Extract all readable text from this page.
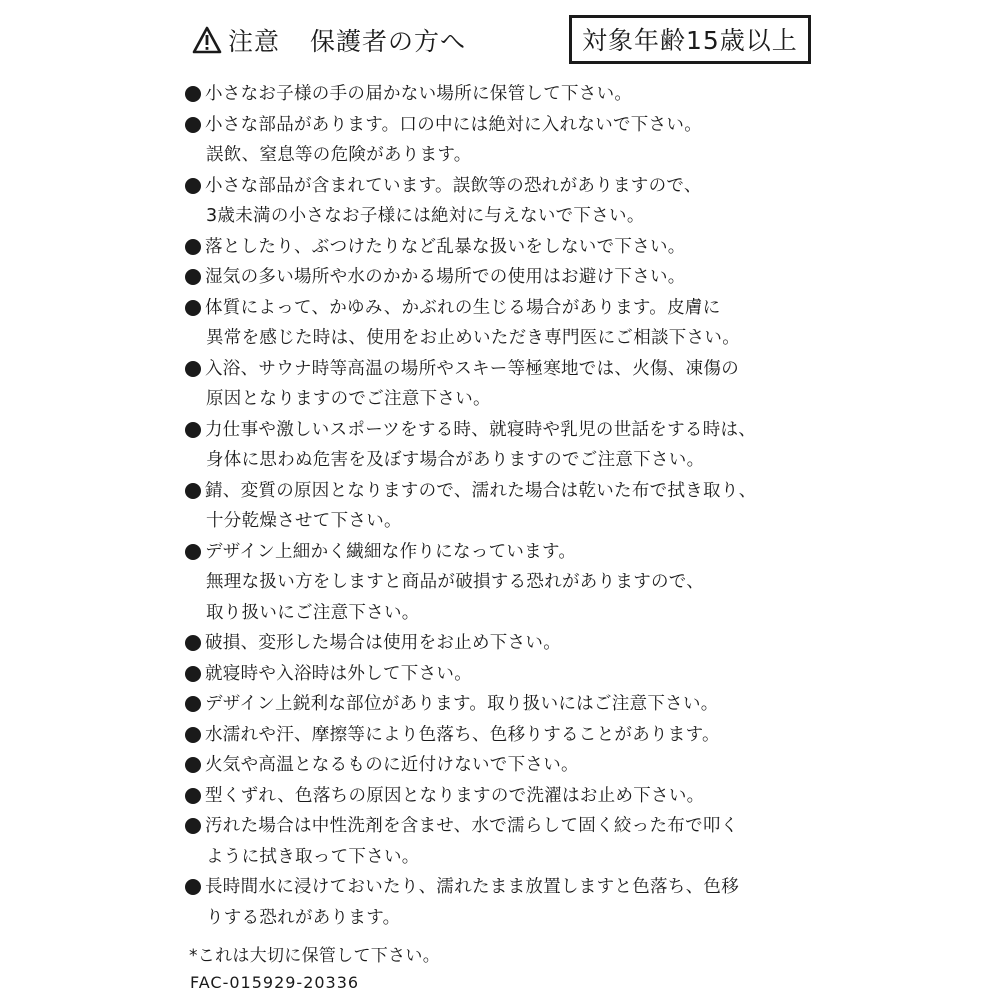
注意 保護者の方へ	対象年齢15歳以上
小さなお子様の手の届かない場所に保管して下さい。
小さな部品があります。口の中には絶対に入れないで下さい。
誤飲、窒息等の危険があります。
小さな部品が含まれています。誤飲等の恐れがありますので、
3歳未満の小さなお子様には絶対に与えないで下さい。
落としたり、ぶつけたりなど乱暴な扱いをしないで下さい。
湿気の多い場所や水のかかる場所での使用はお避け下さい。
体質によって、かゆみ、かぶれの生じる場合があります。皮膚に
異常を感じた時は、使用をお止めいただき専門医にご相談下さい。
入浴、サウナ時等高温の場所やスキー等極寒地では、火傷、凍傷の
原因となりますのでご注意下さい。
力仕事や激しいスポーツをする時、就寝時や乳児の世話をする時は、
身体に思わぬ危害を及ぼす場合がありますのでご注意下さい。
錆、変質の原因となりますので、濡れた場合は乾いた布で拭き取り、
十分乾燥させて下さい。
デザイン上細かく繊細な作りになっています。
無理な扱い方をしますと商品が破損する恐れがありますので、
取り扱いにご注意下さい。
破損、変形した場合は使用をお止め下さい。
就寝時や入浴時は外して下さい。
デザイン上鋭利な部位があります。取り扱いにはご注意下さい。
水濡れや汗、摩擦等により色落ち、色移りすることがあります。
火気や高温となるものに近付けないで下さい。
型くずれ、色落ちの原因となりますので洗濯はお止め下さい。
汚れた場合は中性洗剤を含ませ、水で濡らして固く絞った布で叩く
ように拭き取って下さい。
長時間水に浸けておいたり、濡れたまま放置しますと色落ち、色移
りする恐れがあります。
*これは大切に保管して下さい。
FAC-015929-20336
